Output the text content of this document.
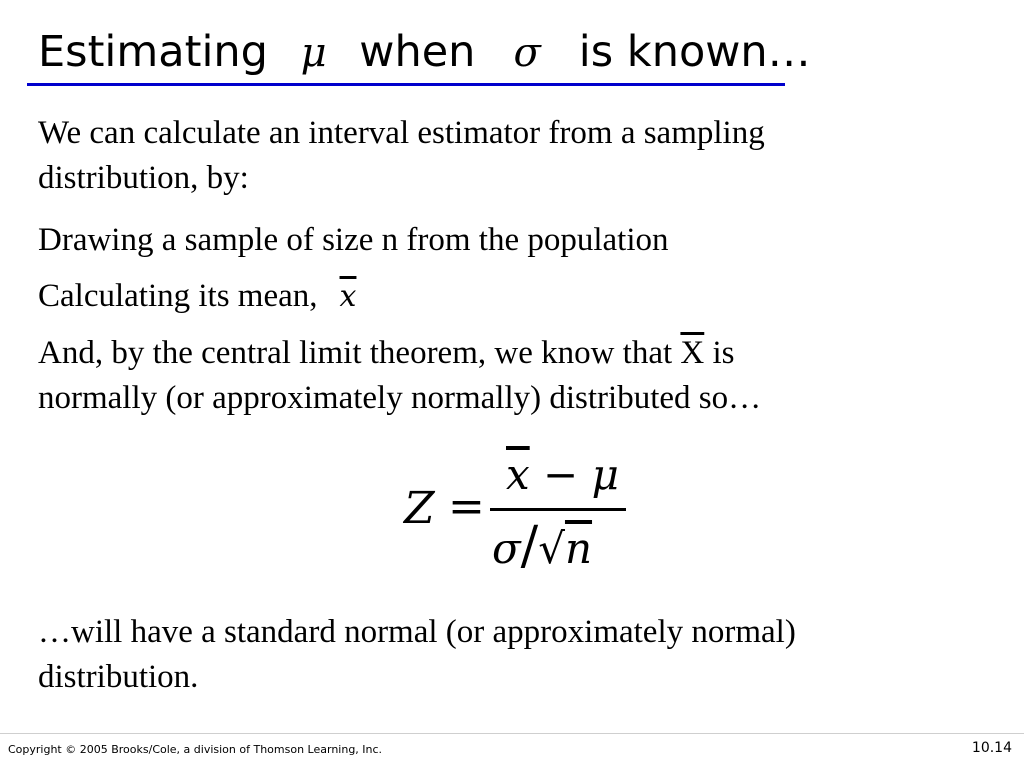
Estimating μ when σ is known…

We can calculate an interval estimator from a sampling
distribution, by:

Drawing a sample of size n from the population

Calculating its mean, $\overline{x}$

And, by the central limit theorem, we know that $\overline{X}$ is
normally (or approximately normally) distributed so…

Z =
$\overline{x} - \mu$
σ/√n

…will have a standard normal (or approximately normal)
distribution.

Copyright © 2005 Brooks/Cole, a division of Thomson Learning, Inc.	10.14
